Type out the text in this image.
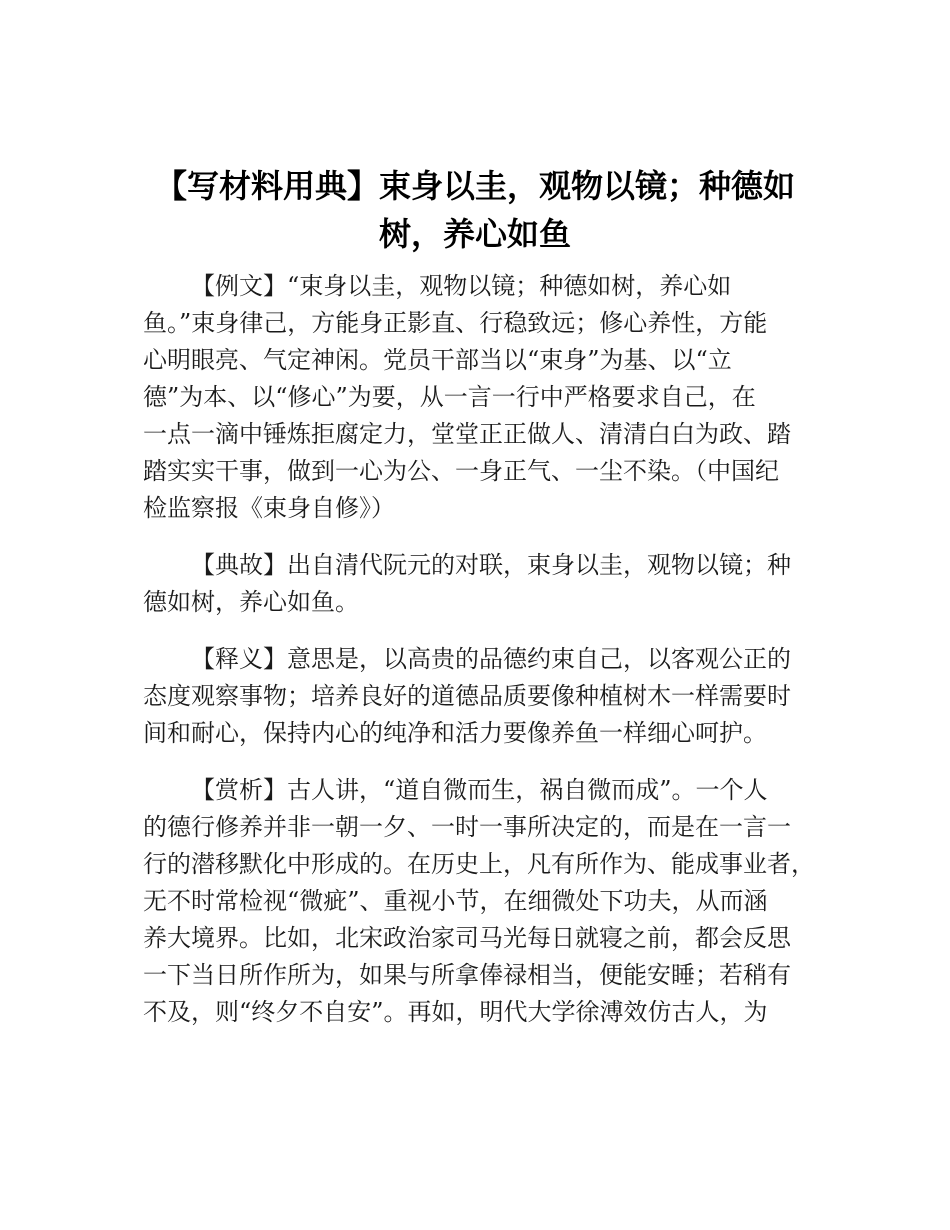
【写材料用典】束身以圭，观物以镜；种德如
树，养心如鱼
【例文】“束身以圭，观物以镜；种德如树，养心如
鱼。”束身律己，方能身正影直、行稳致远；修心养性，方能
心明眼亮、气定神闲。党员干部当以“束身”为基、以“立
德”为本、以“修心”为要，从一言一行中严格要求自己，在
一点一滴中锤炼拒腐定力，堂堂正正做人、清清白白为政、踏
踏实实干事，做到一心为公、一身正气、一尘不染。（中国纪
检监察报《束身自修》）
【典故】出自清代阮元的对联，束身以圭，观物以镜；种
德如树，养心如鱼。
【释义】意思是，以高贵的品德约束自己，以客观公正的
态度观察事物；培养良好的道德品质要像种植树木一样需要时
间和耐心，保持内心的纯净和活力要像养鱼一样细心呵护。
【赏析】古人讲，“道自微而生，祸自微而成”。一个人
的德行修养并非一朝一夕、一时一事所决定的，而是在一言一
行的潜移默化中形成的。在历史上，凡有所作为、能成事业者，
无不时常检视“微疵”、重视小节，在细微处下功夫，从而涵
养大境界。比如，北宋政治家司马光每日就寝之前，都会反思
一下当日所作所为，如果与所拿俸禄相当，便能安睡；若稍有
不及，则“终夕不自安”。再如，明代大学徐溥效仿古人，为
